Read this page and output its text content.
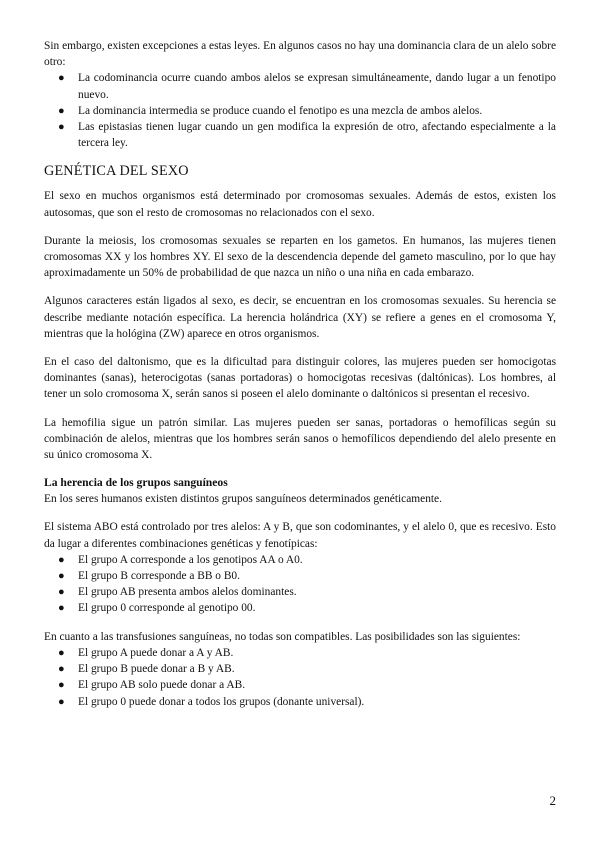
Sin embargo, existen excepciones a estas leyes. En algunos casos no hay una dominancia clara de un alelo sobre otro:

● La codominancia ocurre cuando ambos alelos se expresan simultáneamente, dando lugar a un fenotipo nuevo.
● La dominancia intermedia se produce cuando el fenotipo es una mezcla de ambos alelos.
● Las epistasias tienen lugar cuando un gen modifica la expresión de otro, afectando especialmente a la tercera ley.
GENÉTICA DEL SEXO

El sexo en muchos organismos está determinado por cromosomas sexuales. Además de estos, existen los autosomas, que son el resto de cromosomas no relacionados con el sexo.

Durante la meiosis, los cromosomas sexuales se reparten en los gametos. En humanos, las mujeres tienen cromosomas XX y los hombres XY. El sexo de la descendencia depende del gameto masculino, por lo que hay aproximadamente un 50% de probabilidad de que nazca un niño o una niña en cada embarazo.

Algunos caracteres están ligados al sexo, es decir, se encuentran en los cromosomas sexuales. Su herencia se describe mediante notación específica. La herencia holándrica (XY) se refiere a genes en el cromosoma Y, mientras que la hológina (ZW) aparece en otros organismos.

En el caso del daltonismo, que es la dificultad para distinguir colores, las mujeres pueden ser homocigotas dominantes (sanas), heterocigotas (sanas portadoras) o homocigotas recesivas (daltónicas). Los hombres, al tener un solo cromosoma X, serán sanos si poseen el alelo dominante o daltónicos si presentan el recesivo.

La hemofilia sigue un patrón similar. Las mujeres pueden ser sanas, portadoras o hemofílicas según su combinación de alelos, mientras que los hombres serán sanos o hemofílicos dependiendo del alelo presente en su único cromosoma X.

La herencia de los grupos sanguíneos

En los seres humanos existen distintos grupos sanguíneos determinados genéticamente.

El sistema ABO está controlado por tres alelos: A y B, que son codominantes, y el alelo 0, que es recesivo. Esto da lugar a diferentes combinaciones genéticas y fenotípicas:

● El grupo A corresponde a los genotipos AA o A0.
● El grupo B corresponde a BB o B0.
● El grupo AB presenta ambos alelos dominantes.
● El grupo 0 corresponde al genotipo 00.

En cuanto a las transfusiones sanguíneas, no todas son compatibles. Las posibilidades son las siguientes:

● El grupo A puede donar a A y AB.
● El grupo B puede donar a B y AB.
● El grupo AB solo puede donar a AB.
● El grupo 0 puede donar a todos los grupos (donante universal).
2
